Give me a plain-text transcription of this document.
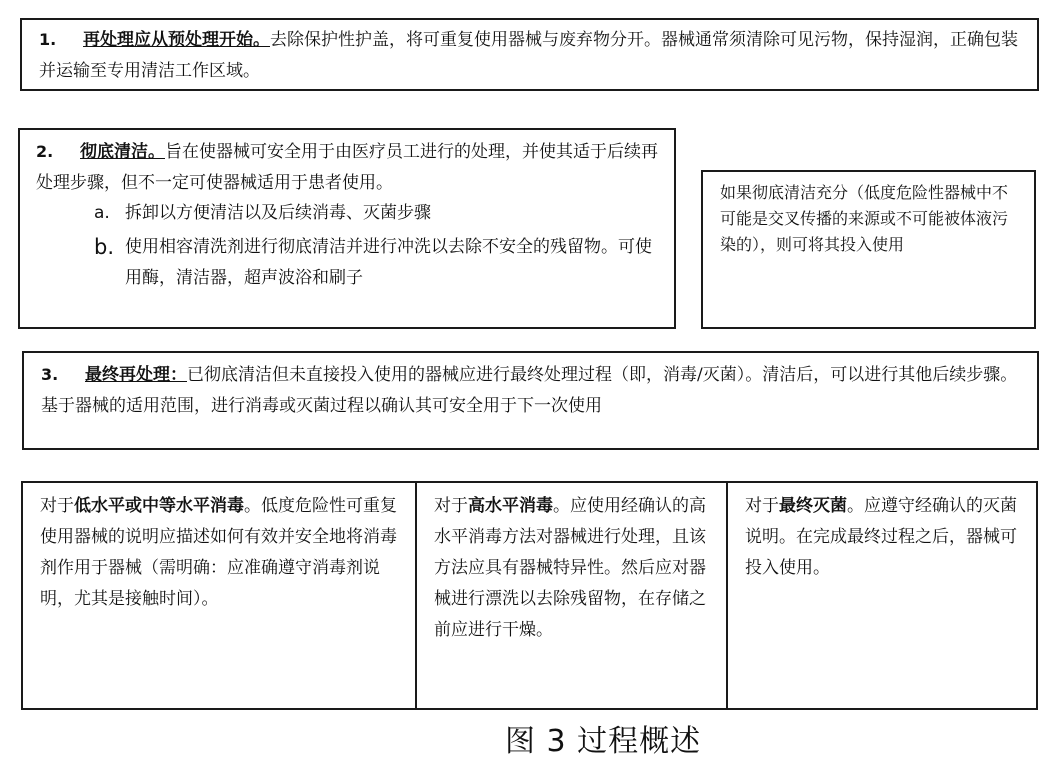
1. 再处理应从预处理开始。去除保护性护盖，将可重复使用器械与废弃物分开。器械通常须清除可见污物，保持湿润，正确包装并运输至专用清洁工作区域。
2. 彻底清洁。旨在使器械可安全用于由医疗员工进行的处理，并使其适于后续再处理步骤，但不一定可使器械适用于患者使用。
a. 拆卸以方便清洁以及后续消毒、灭菌步骤
b. 使用相容清洗剂进行彻底清洁并进行冲洗以去除不安全的残留物。可使用酶，清洁器，超声波浴和刷子
如果彻底清洁充分（低度危险性器械中不可能是交叉传播的来源或不可能被体液污染的），则可将其投入使用
3. 最终再处理：已彻底清洁但未直接投入使用的器械应进行最终处理过程（即，消毒/灭菌）。清洁后，可以进行其他后续步骤。基于器械的适用范围，进行消毒或灭菌过程以确认其可安全用于下一次使用
对于低水平或中等水平消毒。低度危险性可重复使用器械的说明应描述如何有效并安全地将消毒剂作用于器械（需明确：应准确遵守消毒剂说明，尤其是接触时间）。
对于高水平消毒。应使用经确认的高水平消毒方法对器械进行处理，且该方法应具有器械特异性。然后应对器械进行漂洗以去除残留物，在存储之前应进行干燥。
对于最终灭菌。应遵守经确认的灭菌说明。在完成最终过程之后，器械可投入使用。
图 3 过程概述
